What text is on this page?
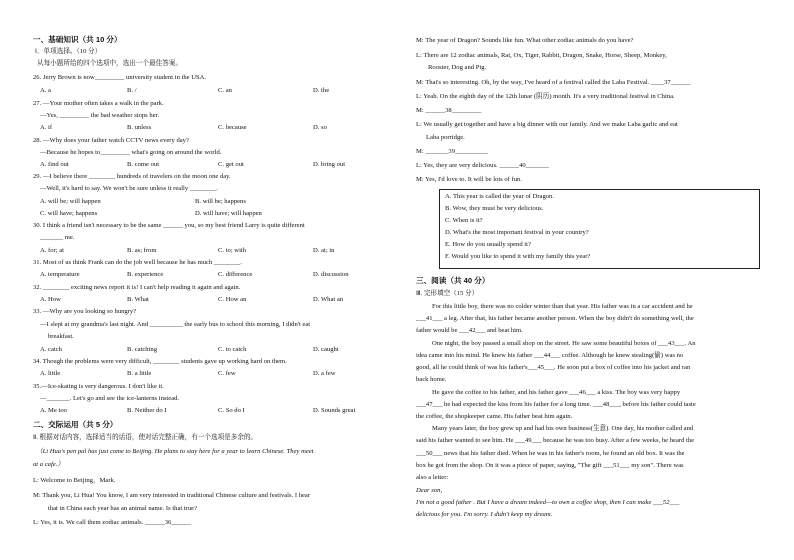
一、基础知识（共 10 分）
Ⅰ．单项选择。（10 分）
从每小题所给的四个选项中，选出一个最佳答案。
26. Jerry Brown is now_________ university student in the USA.
A. a	B. /	C. an	D. the
27. —Your mother often takes a walk in the park.
—Yes, _________ the bad weather stops her.
A. if	B. unless	C. because	D. so
28. —Why does your father watch CCTV news every day?
—Because he hopes to_________ what's going on around the world.
A. find out	B. come out	C. get out	D. bring out
29. —I believe there ________ hundreds of travelers on the moon one day.
—Well, it's hard to say. We won't be sure unless it really ________.
A. will be; will happen	B. will be; happens
C. will have; happens	D. will have; will happen
30. I think a friend isn't necessary to be the same ______ you, so my best friend Larry is quite different
_______ me.
A. for; at	B. as; from	C. to; with	D. at; in
31. Most of us think Frank can do the job well because he has much ________.
A. temperature	B. experience	C. difference	D. discussion
32. ________ exciting news report it is! I can't help reading it again and again.
A. How	B. What	C. How an	D. What an
33. —Why are you looking so hungry?
—I slept at my grandma's last night. And __________ the early bus to school this morning, I didn't eat
breakfast.
A. catch	B. catching	C. to catch	D. caught
34. Though the problems were very difficult, ________ students gave up working hard on them.
A. little	B. a little	C. few	D. a few
35.—Ice-skating is very dangerous. I don't like it.
—_______. Let's go and see the ice-lanterns instead.
A. Me too	B. Neither do I	C. So do I	D. Sounds great
二、交际运用（共 5 分）
Ⅱ. 根据对话内容，选择适当的话语，使对话完整正确，有一个选项是多余的。
（Li Hua's pen pal has just come to Beijing. He plans to stay here for a year to learn Chinese. They meet
at a cafe.）
L: Welcome to Beijing，Mark.
M: Thank you, Li Hua! You know, I am very interested in traditional Chinese culture and festivals. I hear
that in China each year has an animal name. Is that true?
L: Yes, it is. We call them zodiac animals. ______36______
M: The year of Dragon? Sounds like fun. What other zodiac animals do you have?
L: There are 12 zodiac animals, Rat, Ox, Tiger, Rabbit, Dragon, Snake, Horse, Sheep, Monkey,
Rooster, Dog and Pig.
M: That's so interesting. Oh, by the way, I've heard of a festival called the Laba Festival. ____37______
L: Yeah. On the eighth day of the 12th lunar (阴历) month. It's a very traditional festival in China.
M: ______38_________
L: We usually get together and have a big dinner with our family. And we make Laba garlic and eat
Laba porridge.
M: _______39__________
L: Yes, they are very delicious. ______40_______
M: Yes, I'd love to. It will be lots of fun.
A. This year is called the year of Dragon.
B. Wow, they must be very delicious.
C. When is it?
D. What's the most important festival in your country?
E. How do you usually spend it?
F. Would you like to spend it with my family this year?
三、阅读（共 40 分）
Ⅲ. 完形填空（15 分）
For this little boy, there was no colder winter than that year. His father was in a car accident and he
___41___ a leg. After that, his father became another person. When the boy didn't do something well, the
father would be ___42___ and beat him.
One night, the boy passed a small shop on the street. He saw some beautiful boxes of ___43___. An
idea came into his mind. He knew his father ___44___ coffee. Although he knew stealing(偷) was no
good, all he could think of was his father's___45___. He soon put a box of coffee into his jacket and ran
back home.
He gave the coffee to his father, and his father gave ___46___ a kiss. The boy was very happy
___47___ he had expected the kiss from his father for a long time. ___48___, before his father could taste
the coffee, the shopkeeper came. His father beat him again.
Many years later, the boy grew up and had his own business(生意). One day, his mother called and
said his father wanted to see him. He ___49___ because he was too busy. After a few weeks, he heard the
___50___ news that his father died. When he was in his father's room, he found an old box. It was the
box he got from the shop. On it was a piece of paper, saying, "The gift ___51___ my son". There was
also a letter:
Dear son，
I'm not a good father . But I have a dream indeed—to own a coffee shop, then I can make ___52___
delicious for you. I'm sorry. I didn't keep my dream.
